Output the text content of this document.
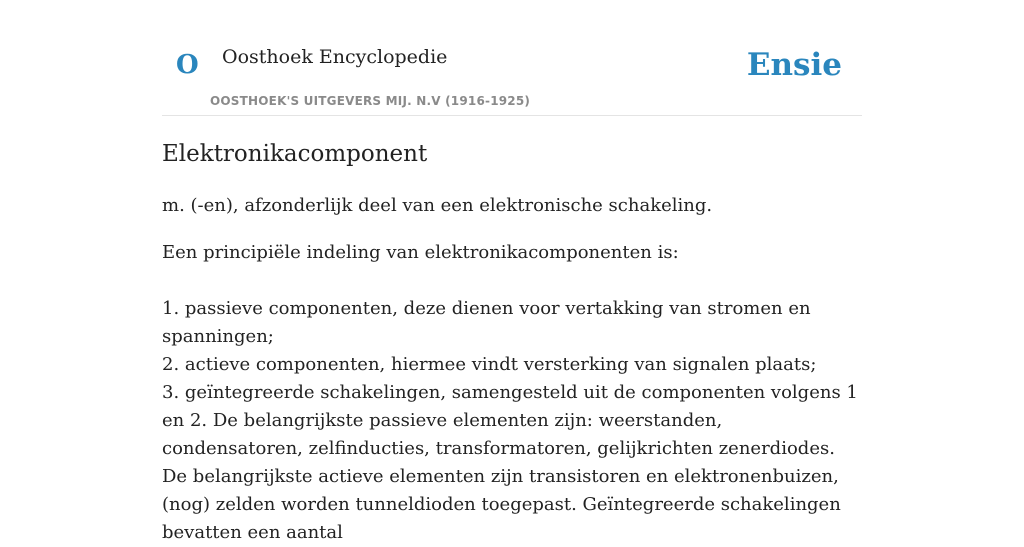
O Oosthoek Encyclopedie
OOSTHOEK'S UITGEVERS MIJ. N.V (1916-1925)
Ensie
Elektronikacomponent

m. (-en), afzonderlijk deel van een elektronische schakeling.

Een principiële indeling van elektronikacomponenten is:

1. passieve componenten, deze dienen voor vertakking van stromen en spanningen;
2. actieve componenten, hiermee vindt versterking van signalen plaats;
3. geïntegreerde schakelingen, samengesteld uit de componenten volgens 1 en 2. De belangrijkste passieve elementen zijn: weerstanden, condensatoren, zelfinducties, transformatoren, gelijkrichten zenerdiodes. De belangrijkste actieve elementen zijn transistoren en elektronenbuizen, (nog) zelden worden tunneldioden toegepast. Geïntegreerde schakelingen bevatten een aantal
